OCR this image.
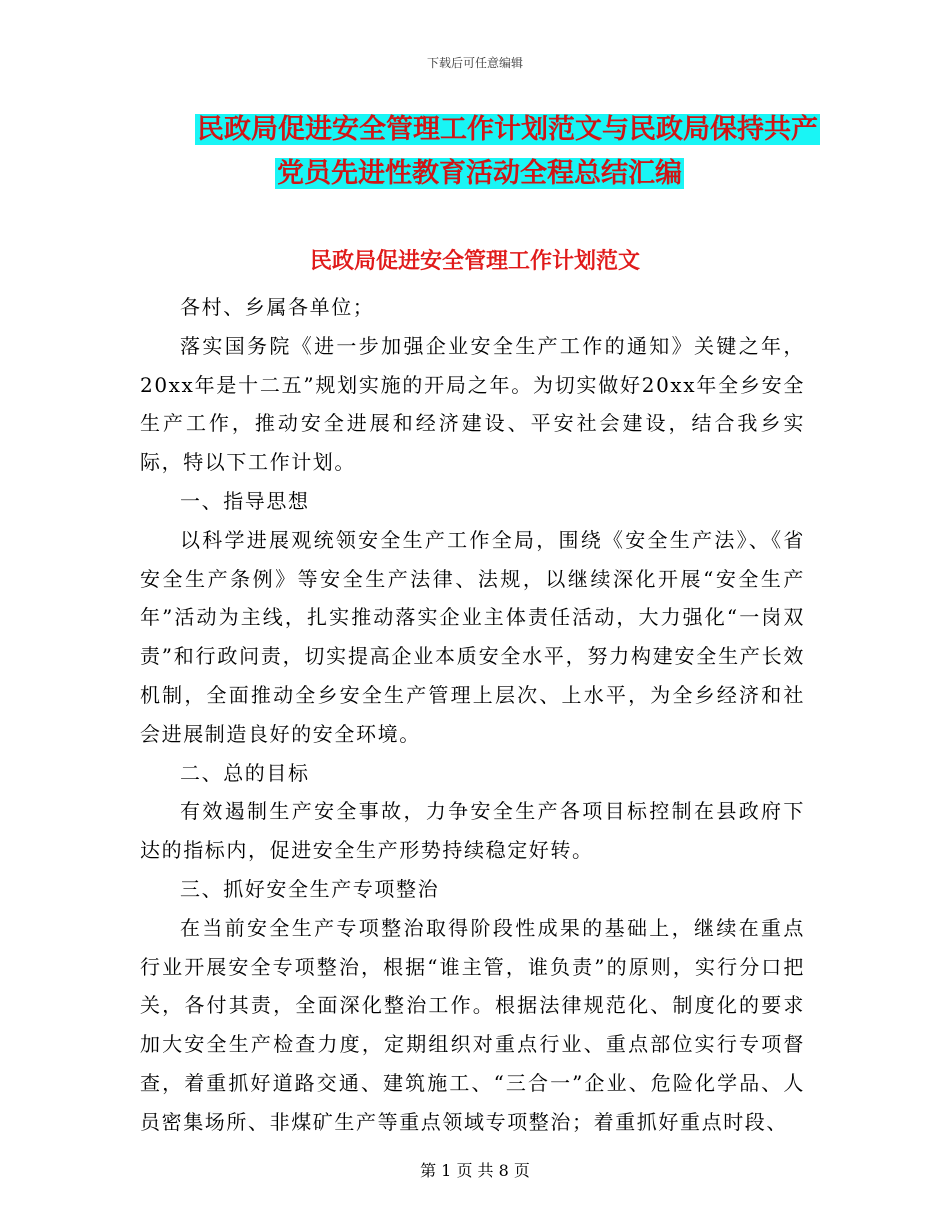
下载后可任意编辑
民政局促进安全管理工作计划范文与民政局保持共产
党员先进性教育活动全程总结汇编
民政局促进安全管理工作计划范文

各村、乡属各单位；

落实国务院《进一步加强企业安全生产工作的通知》关键之年，20xx年是十二五”规划实施的开局之年。为切实做好20xx年全乡安全生产工作，推动安全进展和经济建设、平安社会建设，结合我乡实际，特以下工作计划。

一、指导思想

以科学进展观统领安全生产工作全局，围绕《安全生产法》、《省安全生产条例》等安全生产法律、法规，以继续深化开展“安全生产年”活动为主线，扎实推动落实企业主体责任活动，大力强化“一岗双责”和行政问责，切实提高企业本质安全水平，努力构建安全生产长效机制，全面推动全乡安全生产管理上层次、上水平，为全乡经济和社会进展制造良好的安全环境。

二、总的目标

有效遏制生产安全事故，力争安全生产各项目标控制在县政府下达的指标内，促进安全生产形势持续稳定好转。

三、抓好安全生产专项整治

在当前安全生产专项整治取得阶段性成果的基础上，继续在重点行业开展安全专项整治，根据“谁主管，谁负责”的原则，实行分口把关，各付其责，全面深化整治工作。根据法律规范化、制度化的要求加大安全生产检查力度，定期组织对重点行业、重点部位实行专项督查，着重抓好道路交通、建筑施工、“三合一”企业、危险化学品、人员密集场所、非煤矿生产等重点领域专项整治；着重抓好重点时段、

第 1 页 共 8 页
